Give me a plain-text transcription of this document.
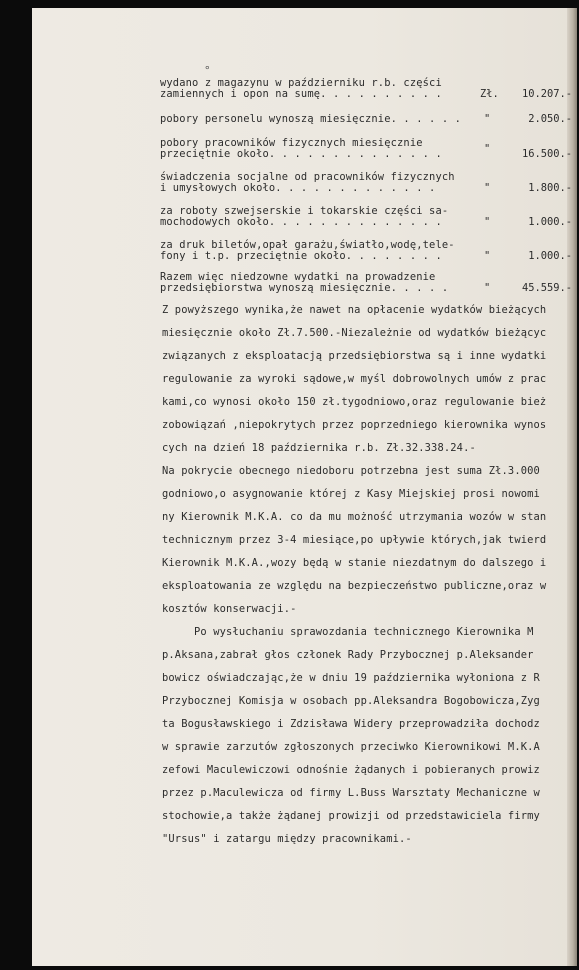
°
wydano z magazynu w październiku r.b. części
zamiennych i opon na sumę. . . . . . . . . .	Zł.	10.207.-
pobory personelu wynoszą miesięcznie. . . . . . "	2.050.-
pobory pracowników fizycznych miesięcznie
przeciętnie około. . . . . . . . . . . . . .	"	16.500.-
świadczenia socjalne od pracowników fizycznych
i umysłowych około. . . . . . . . . . . . .	"	1.800.-
za roboty szwejserskie i tokarskie części sa-
mochodowych około. . . . . . . . . . . . . .	"	1.000.-
za druk biletów,opał garażu,światło,wodę,tele-
fony i t.p. przeciętnie około. . . . . . . .	"	1.000.-
Razem więc niedzowne wydatki na prowadzenie
przedsiębiorstwa wynoszą miesięcznie. . . . .	"	45.559.-
Z powyższego wynika,że nawet na opłacenie wydatków bieżących
miesięcznie około Zł.7.500.-Niezależnie od wydatków bieżącyc
związanych z eksploatacją przedsiębiorstwa są i inne wydatki
regulowanie za wyroki sądowe,w myśl dobrowolnych umów z prac
kami,co wynosi około 150 zł.tygodniowo,oraz regulowanie bież
zobowiązań ,niepokrytych przez poprzedniego kierownika wynos
cych na dzień 18 października r.b. Zł.32.338.24.-
Na pokrycie obecnego niedoboru potrzebna jest suma Zł.3.000
godniowo,o asygnowanie której z Kasy Miejskiej prosi nowomi
ny Kierownik M.K.A. co da mu możność utrzymania wozów w stan
technicznym przez 3-4 miesiące,po upływie których,jak twierd
Kierownik M.K.A.,wozy będą w stanie niezdatnym do dalszego i
eksploatowania ze względu na bezpieczeństwo publiczne,oraz w
kosztów konserwacji.-
Po wysłuchaniu sprawozdania technicznego Kierownika M
p.Aksana,zabrał głos członek Rady Przybocznej p.Aleksander
bowicz oświadczając,że w dniu 19 października wyłoniona z R
Przybocznej Komisja w osobach pp.Aleksandra Bogobowicza,Zyg
ta Bogusławskiego i Zdzisława Widery przeprowadziła dochodz
w sprawie zarzutów zgłoszonych przeciwko Kierownikowi M.K.A
zefowi Maculewiczowi odnośnie żądanych i pobieranych prowiz
przez p.Maculewicza od firmy L.Buss Warsztaty Mechaniczne w
stochowie,a także żądanej prowizji od przedstawiciela firmy
"Ursus" i zatargu między pracownikami.-
